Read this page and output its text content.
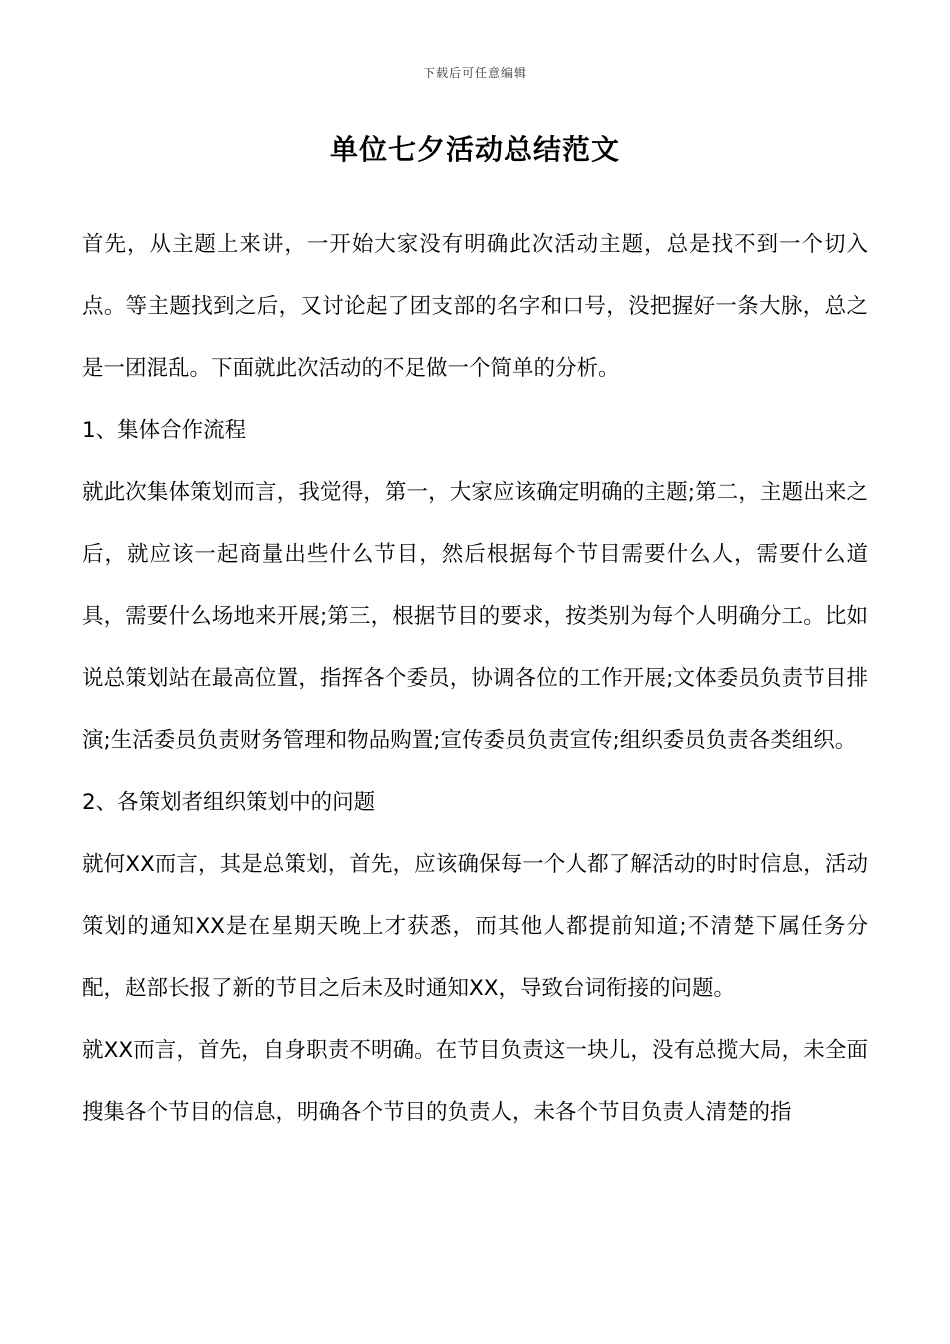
下载后可任意编辑
单位七夕活动总结范文

首先，从主题上来讲，一开始大家没有明确此次活动主题，总是找不到一个切入点。等主题找到之后，又讨论起了团支部的名字和口号，没把握好一条大脉，总之是一团混乱。下面就此次活动的不足做一个简单的分析。

1、集体合作流程

就此次集体策划而言，我觉得，第一，大家应该确定明确的主题;第二，主题出来之后，就应该一起商量出些什么节目，然后根据每个节目需要什么人，需要什么道具，需要什么场地来开展;第三，根据节目的要求，按类别为每个人明确分工。比如说总策划站在最高位置，指挥各个委员，协调各位的工作开展;文体委员负责节目排演;生活委员负责财务管理和物品购置;宣传委员负责宣传;组织委员负责各类组织。

2、各策划者组织策划中的问题

就何XX而言，其是总策划，首先，应该确保每一个人都了解活动的时时信息，活动策划的通知XX是在星期天晚上才获悉，而其他人都提前知道;不清楚下属任务分配，赵部长报了新的节目之后未及时通知XX，导致台词衔接的问题。

就XX而言，首先，自身职责不明确。在节目负责这一块儿，没有总揽大局，未全面搜集各个节目的信息，明确各个节目的负责人，未各个节目负责人清楚的指
